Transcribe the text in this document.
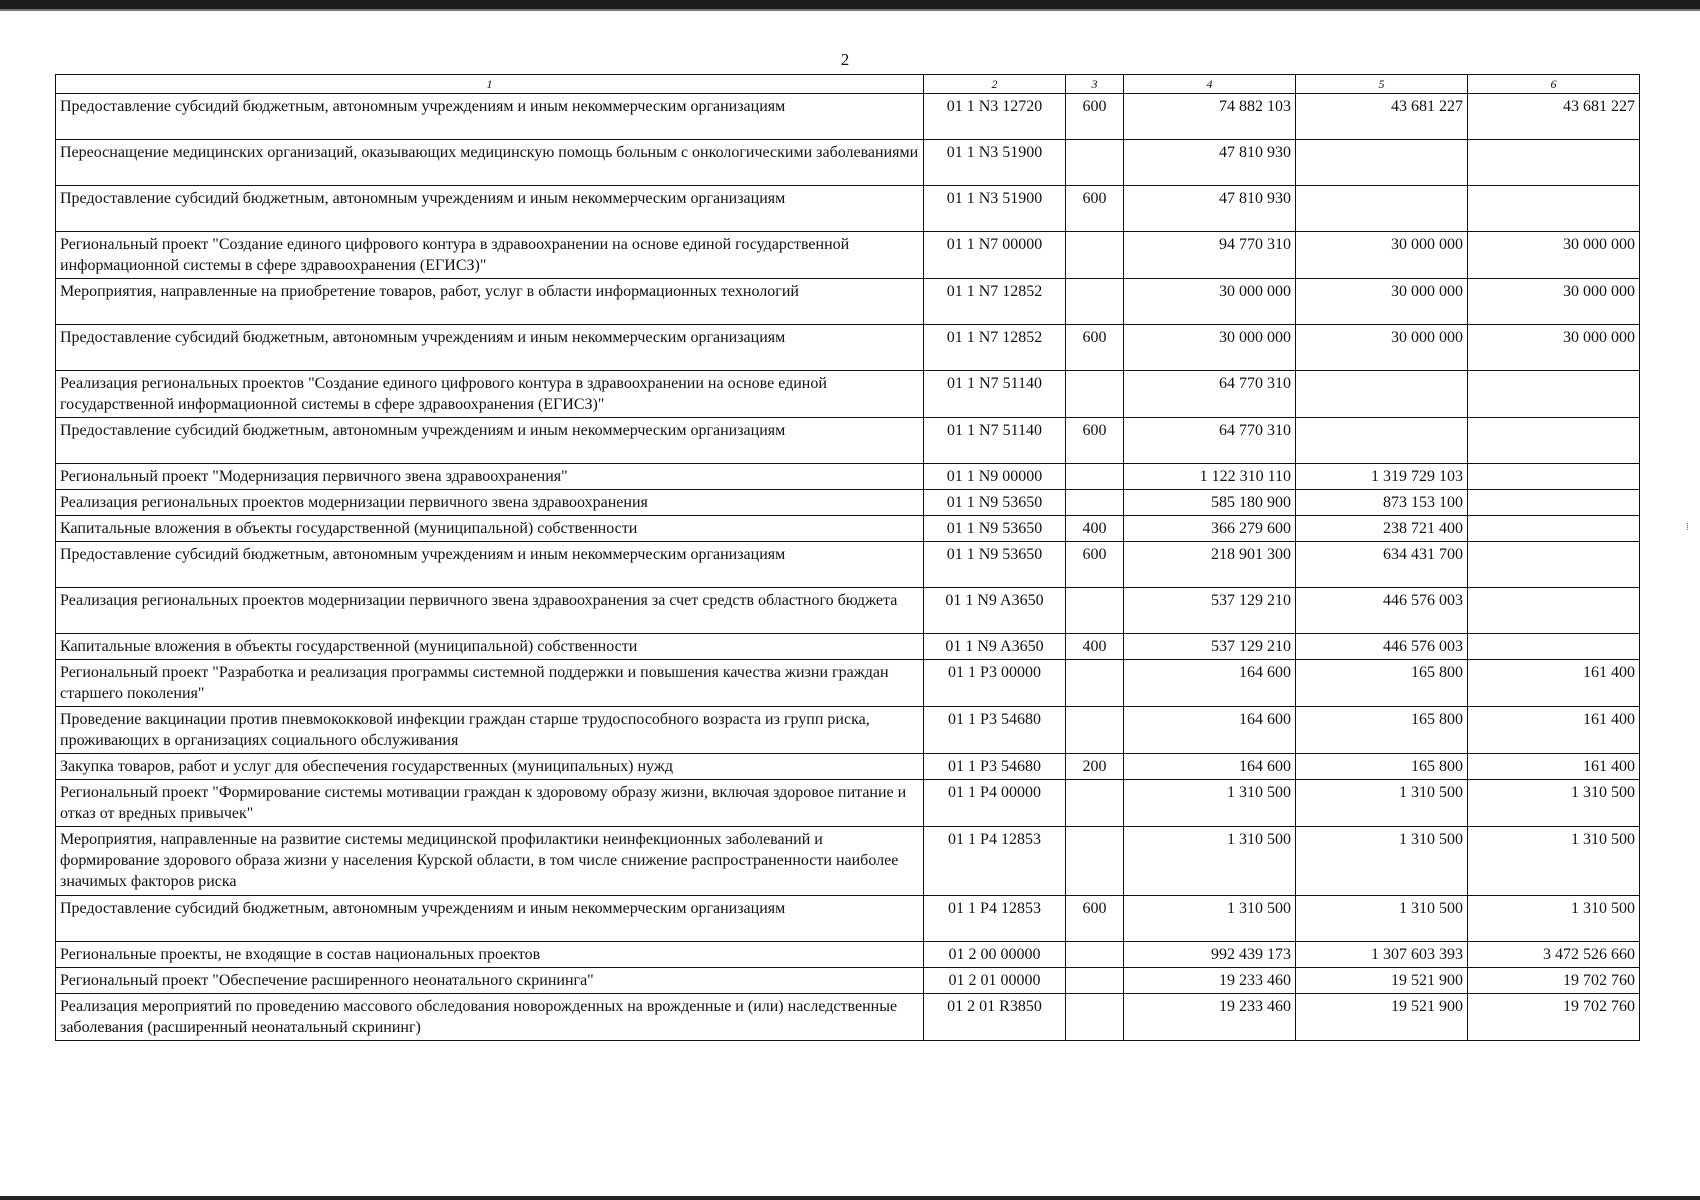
⁞
2
1	2	3	4	5	6
Предоставление субсидий бюджетным, автономным учреждениям и иным некоммерческим организациям	01 1 N3 12720	600	74 882 103	43 681 227	43 681 227
Переоснащение медицинских организаций, оказывающих медицинскую помощь больным с онкологическими заболеваниями	01 1 N3 51900		47 810 930		
Предоставление субсидий бюджетным, автономным учреждениям и иным некоммерческим организациям	01 1 N3 51900	600	47 810 930		
Региональный проект "Создание единого цифрового контура в здравоохранении на основе единой государственной информационной системы в сфере здравоохранения (ЕГИСЗ)"	01 1 N7 00000		94 770 310	30 000 000	30 000 000
Мероприятия, направленные на приобретение товаров, работ, услуг в области информационных технологий	01 1 N7 12852		30 000 000	30 000 000	30 000 000
Предоставление субсидий бюджетным, автономным учреждениям и иным некоммерческим организациям	01 1 N7 12852	600	30 000 000	30 000 000	30 000 000
Реализация региональных проектов "Создание единого цифрового контура в здравоохранении на основе единой государственной информационной системы в сфере здравоохранения (ЕГИСЗ)"	01 1 N7 51140		64 770 310		
Предоставление субсидий бюджетным, автономным учреждениям и иным некоммерческим организациям	01 1 N7 51140	600	64 770 310		
Региональный проект "Модернизация первичного звена здравоохранения"	01 1 N9 00000		1 122 310 110	1 319 729 103	
Реализация региональных проектов модернизации первичного звена здравоохранения	01 1 N9 53650		585 180 900	873 153 100	
Капитальные вложения в объекты государственной (муниципальной) собственности	01 1 N9 53650	400	366 279 600	238 721 400	
Предоставление субсидий бюджетным, автономным учреждениям и иным некоммерческим организациям	01 1 N9 53650	600	218 901 300	634 431 700	
Реализация региональных проектов модернизации первичного звена здравоохранения за счет средств областного бюджета	01 1 N9 A3650		537 129 210	446 576 003	
Капитальные вложения в объекты государственной (муниципальной) собственности	01 1 N9 A3650	400	537 129 210	446 576 003	
Региональный проект "Разработка и реализация программы системной поддержки и повышения качества жизни граждан старшего поколения"	01 1 P3 00000		164 600	165 800	161 400
Проведение вакцинации против пневмококковой инфекции граждан старше трудоспособного возраста из групп риска, проживающих в организациях социального обслуживания	01 1 P3 54680		164 600	165 800	161 400
Закупка товаров, работ и услуг для обеспечения государственных (муниципальных) нужд	01 1 P3 54680	200	164 600	165 800	161 400
Региональный проект "Формирование системы мотивации граждан к здоровому образу жизни, включая здоровое питание и отказ от вредных привычек"	01 1 P4 00000		1 310 500	1 310 500	1 310 500
Мероприятия, направленные на развитие системы медицинской профилактики неинфекционных заболеваний и формирование здорового образа жизни у населения Курской области, в том числе снижение распространенности наиболее значимых факторов риска	01 1 P4 12853		1 310 500	1 310 500	1 310 500
Предоставление субсидий бюджетным, автономным учреждениям и иным некоммерческим организациям	01 1 P4 12853	600	1 310 500	1 310 500	1 310 500
Региональные проекты, не входящие в состав национальных проектов	01 2 00 00000		992 439 173	1 307 603 393	3 472 526 660
Региональный проект "Обеспечение расширенного неонатального скрининга"	01 2 01 00000		19 233 460	19 521 900	19 702 760
Реализация мероприятий по проведению массового обследования новорожденных на врожденные и (или) наследственные заболевания (расширенный неонатальный скрининг)	01 2 01 R3850		19 233 460	19 521 900	19 702 760
